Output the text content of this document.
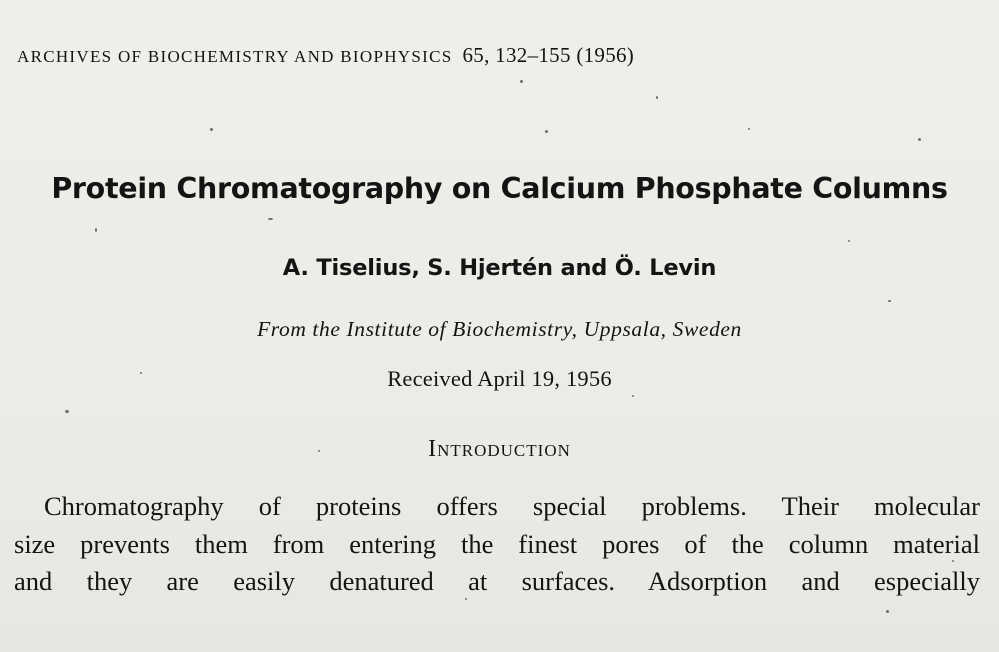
ARCHIVES OF BIOCHEMISTRY AND BIOPHYSICS 65, 132–155 (1956)
Protein Chromatography on Calcium Phosphate Columns
A. Tiselius, S. Hjertén and Ö. Levin
From the Institute of Biochemistry, Uppsala, Sweden
Received April 19, 1956
Introduction
Chromatography of proteins offers special problems. Their molecular
size prevents them from entering the finest pores of the column material
and they are easily denatured at surfaces. Adsorption and especially
